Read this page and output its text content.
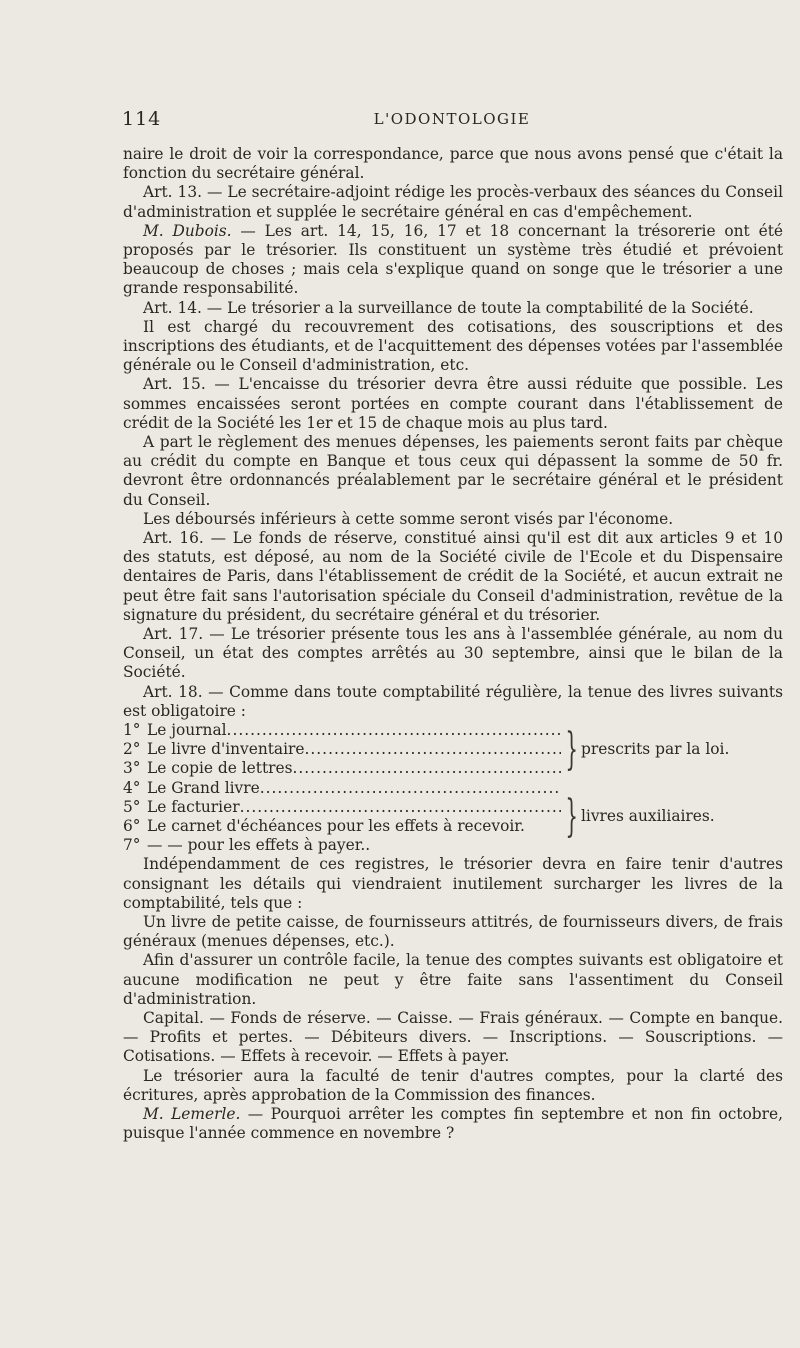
114	L'ODONTOLOGIE

naire le droit de voir la correspondance, parce que nous avons pensé que c'était la fonction du secrétaire général.

Art. 13. — Le secrétaire-adjoint rédige les procès-verbaux des séances du Conseil d'administration et supplée le secrétaire général en cas d'empêchement.

M. Dubois. — Les art. 14, 15, 16, 17 et 18 concernant la trésorerie ont été proposés par le trésorier. Ils constituent un système très étudié et prévoient beaucoup de choses ; mais cela s'explique quand on songe que le trésorier a une grande responsabilité.

Art. 14. — Le trésorier a la surveillance de toute la comptabilité de la Société.

Il est chargé du recouvrement des cotisations, des souscriptions et des inscriptions des étudiants, et de l'acquittement des dépenses votées par l'assemblée générale ou le Conseil d'administration, etc.

Art. 15. — L'encaisse du trésorier devra être aussi réduite que possible. Les sommes encaissées seront portées en compte courant dans l'établissement de crédit de la Société les 1er et 15 de chaque mois au plus tard.

A part le règlement des menues dépenses, les paiements seront faits par chèque au crédit du compte en Banque et tous ceux qui dépassent la somme de 50 fr. devront être ordonnancés préalablement par le secrétaire général et le président du Conseil.

Les déboursés inférieurs à cette somme seront visés par l'économe.

Art. 16. — Le fonds de réserve, constitué ainsi qu'il est dit aux articles 9 et 10 des statuts, est déposé, au nom de la Société civile de l'Ecole et du Dispensaire dentaires de Paris, dans l'établissement de crédit de la Société, et aucun extrait ne peut être fait sans l'autorisation spéciale du Conseil d'administration, revêtue de la signature du président, du secrétaire général et du trésorier.

Art. 17. — Le trésorier présente tous les ans à l'assemblée générale, au nom du Conseil, un état des comptes arrêtés au 30 septembre, ainsi que le bilan de la Société.

Art. 18. — Comme dans toute comptabilité régulière, la tenue des livres suivants est obligatoire :

1° Le journal
.....
2° Le livre d'inventaire
.....
3° Le copie de lettres
.....	} prescrits par la loi.
4° Le Grand livre
.....
5° Le facturier
.....
6° Le carnet d'échéances pour les effets à recevoir.
7° — — pour les effets à payer..
} livres auxiliaires.

Indépendamment de ces registres, le trésorier devra en faire tenir d'autres consignant les détails qui viendraient inutilement surcharger les livres de la comptabilité, tels que :

Un livre de petite caisse, de fournisseurs attitrés, de fournisseurs divers, de frais généraux (menues dépenses, etc.).

Afin d'assurer un contrôle facile, la tenue des comptes suivants est obligatoire et aucune modification ne peut y être faite sans l'assentiment du Conseil d'administration.

Capital. — Fonds de réserve. — Caisse. — Frais généraux. — Compte en banque. — Profits et pertes. — Débiteurs divers. — Inscriptions. — Souscriptions. — Cotisations. — Effets à recevoir. — Effets à payer.

Le trésorier aura la faculté de tenir d'autres comptes, pour la clarté des écritures, après approbation de la Commission des finances.

M. Lemerle. — Pourquoi arrêter les comptes fin septembre et non fin octobre, puisque l'année commence en novembre ?
